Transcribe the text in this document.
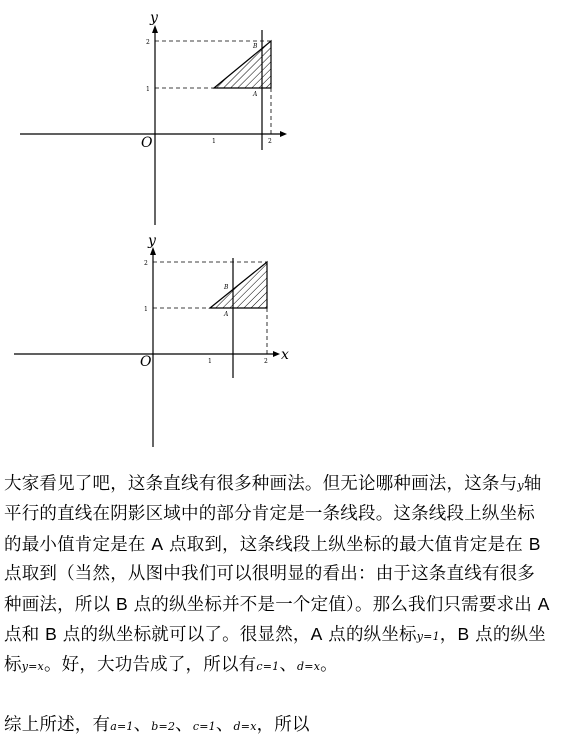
y
O
2
1
1	2
A
B
x
y
O
2
1
1	2
A
B
大家看见了吧，这条直线有很多种画法。但无论哪种画法，这条与y轴
平行的直线在阴影区域中的部分肯定是一条线段。这条线段上纵坐标
的最小值肯定是在 A 点取到，这条线段上纵坐标的最大值肯定是在 B
点取到（当然，从图中我们可以很明显的看出：由于这条直线有很多
种画法，所以 B 点的纵坐标并不是一个定值）。那么我们只需要求出 A
点和 B 点的纵坐标就可以了。很显然，A 点的纵坐标y=1，B 点的纵坐
标y=x。好，大功告成了，所以有c=1、d=x。
综上所述，有a=1、b=2、c=1、d=x，所以
